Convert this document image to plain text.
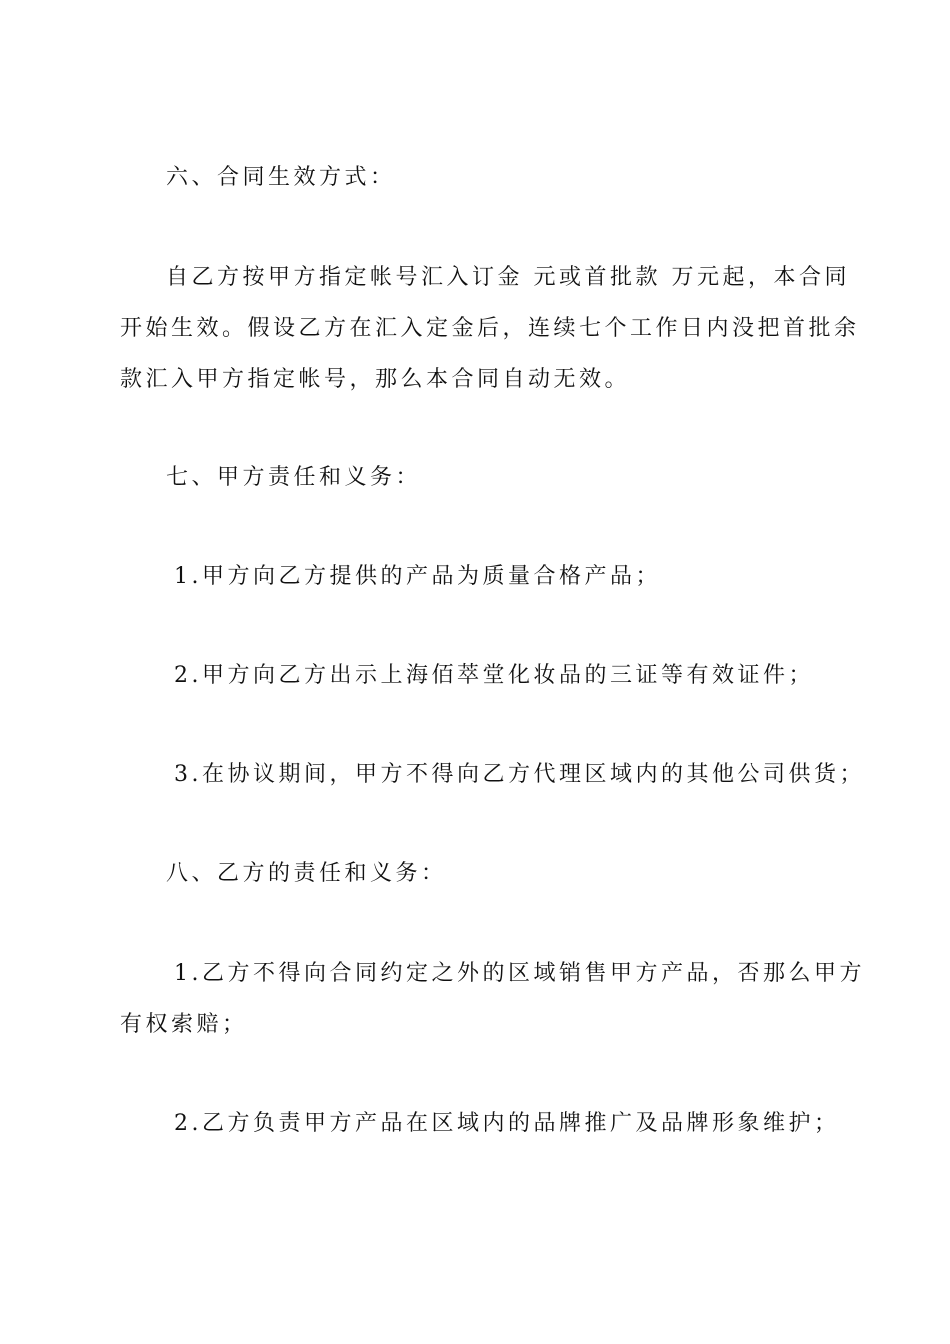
六、合同生效方式：
自乙方按甲方指定帐号汇入订金 元或首批款 万元起，本合同
开始生效。假设乙方在汇入定金后，连续七个工作日内没把首批余
款汇入甲方指定帐号，那么本合同自动无效。
七、甲方责任和义务：
1.甲方向乙方提供的产品为质量合格产品；
2.甲方向乙方出示上海佰萃堂化妆品的三证等有效证件；
3.在协议期间，甲方不得向乙方代理区域内的其他公司供货；
八、乙方的责任和义务：
1.乙方不得向合同约定之外的区域销售甲方产品，否那么甲方
有权索赔；
2.乙方负责甲方产品在区域内的品牌推广及品牌形象维护；
